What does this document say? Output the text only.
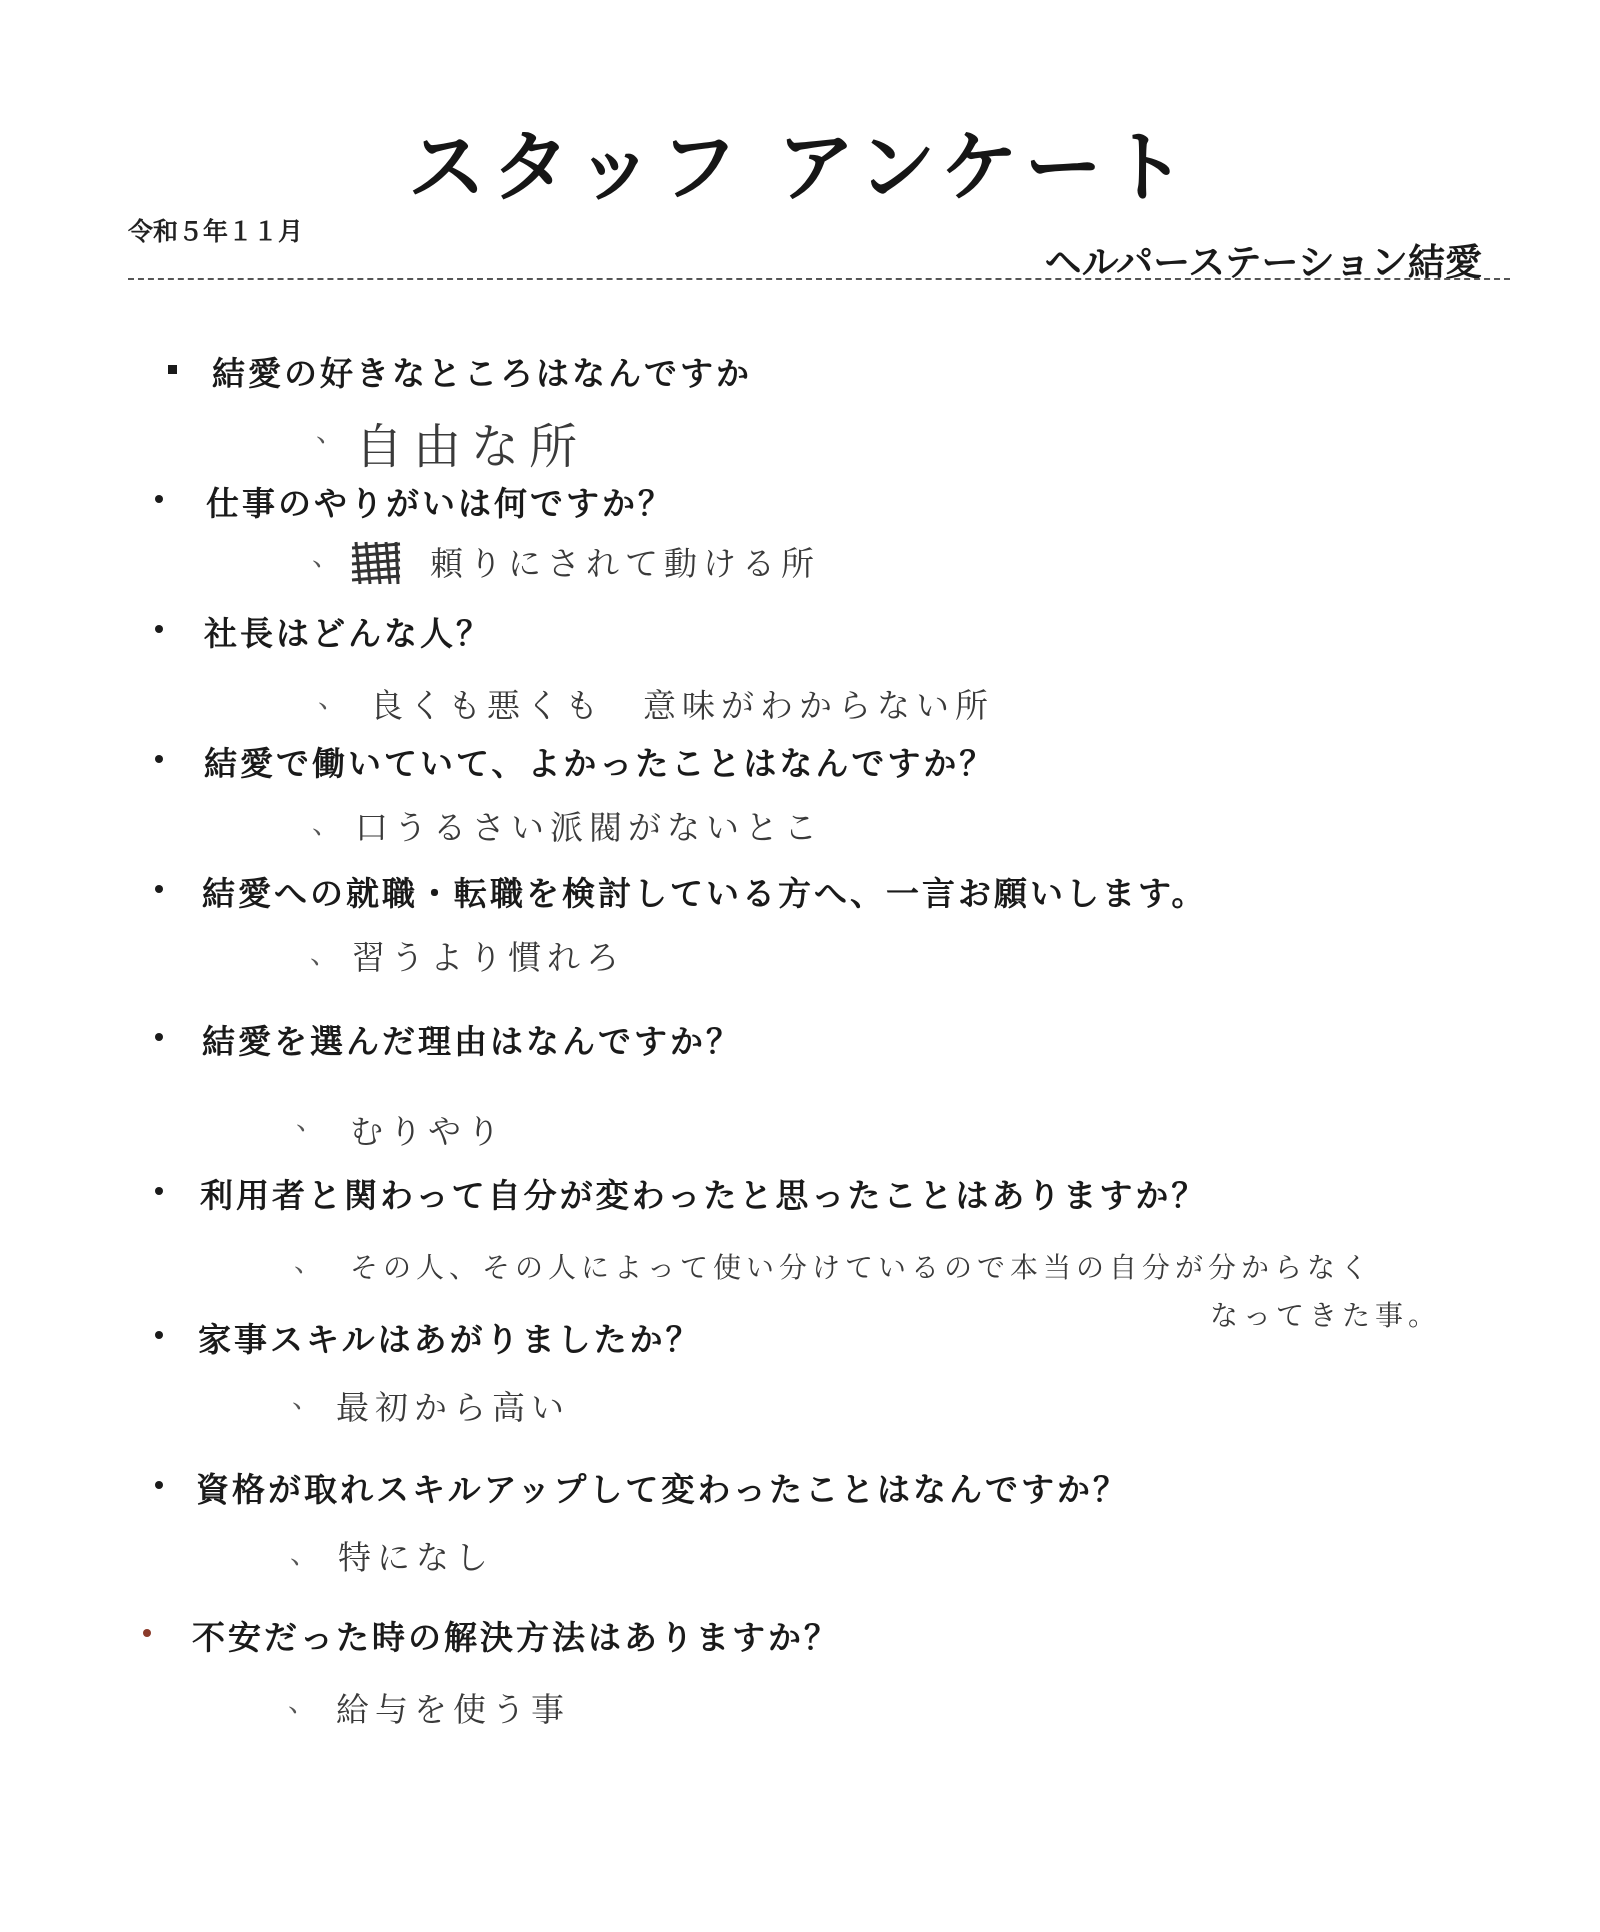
スタッフ アンケート
令和５年１１月
ヘルパーステーション結愛
結愛の好きなところはなんですか
、 自由な所
仕事のやりがいは何ですか？
、	頼りにされて動ける所
社長はどんな人？
、 良くも悪くも　意味がわからない所
結愛で働いていて、よかったことはなんですか？
、 口うるさい派閥がないとこ
結愛への就職・転職を検討している方へ、一言お願いします。
、 習うより慣れろ
結愛を選んだ理由はなんですか？
、 むりやり
利用者と関わって自分が変わったと思ったことはありますか？
、 その人、その人によって使い分けているので本当の自分が分からなく
なってきた事。
家事スキルはあがりましたか？
、 最初から高い
資格が取れスキルアップして変わったことはなんですか？
、 特になし
不安だった時の解決方法はありますか？
、 給与を使う事
